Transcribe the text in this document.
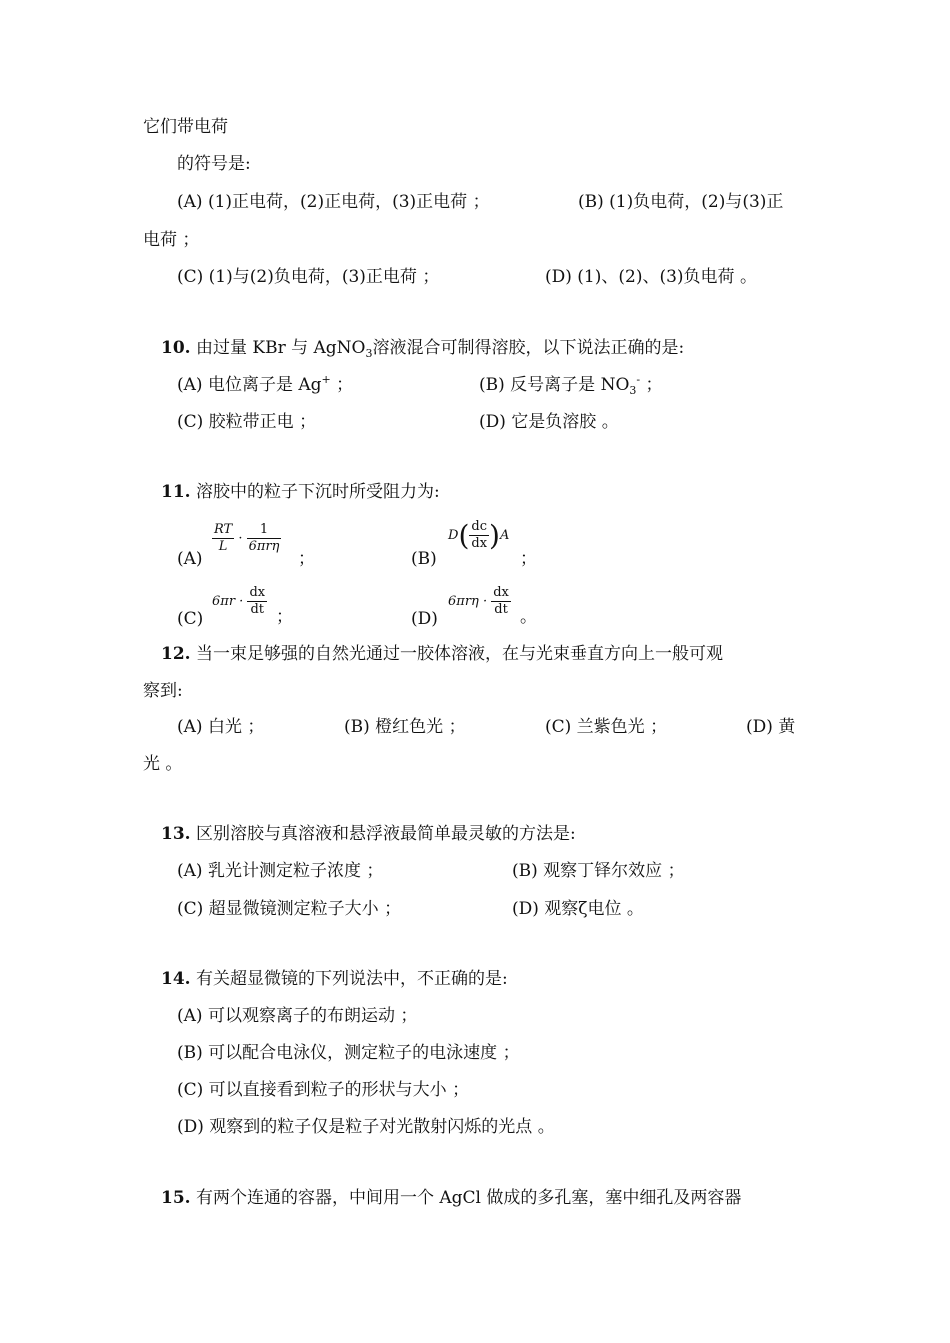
它们带电荷
的符号是:
(A) (1)正电荷，(2)正电荷，(3)正电荷 ；	(B) (1)负电荷，(2)与(3)正
电荷 ；
(C) (1)与(2)负电荷，(3)正电荷 ；	(D) (1)、(2)、(3)负电荷 。
10. 由过量 KBr 与 AgNO$_3$溶液混合可制得溶胶，以下说法正确的是:
(A) 电位离子是 Ag+ ；	(B) 反号离子是 $NO_3^-$ ；
(C) 胶粒带正电 ；	(D) 它是负溶胶 。
11. 溶胶中的粒子下沉时所受阻力为:
(A)
$\frac{RT}{L} \cdot \frac{1}{\text{6πrη}}$
；	(B)
$D( \frac{dc}{dx} )A$
；
(C)
$6\pi r \cdot \frac{dx}{dt}$ ；	(D)
$6\pi r\eta \cdot \frac{dx}{dt}$ 。
12. 当一束足够强的自然光通过一胶体溶液，在与光束垂直方向上一般可观
察到:
(A) 白光 ；	(B) 橙红色光 ；	(C) 兰紫色光 ；	(D) 黄
光 。
13. 区别溶胶与真溶液和悬浮液最简单最灵敏的方法是:
(A) 乳光计测定粒子浓度 ；	(B) 观察丁铎尔效应 ；
(C) 超显微镜测定粒子大小 ；	(D) 观察ζ电位 。
14. 有关超显微镜的下列说法中，不正确的是:
(A) 可以观察离子的布朗运动 ；
(B) 可以配合电泳仪，测定粒子的电泳速度 ；
(C) 可以直接看到粒子的形状与大小 ；
(D) 观察到的粒子仅是粒子对光散射闪烁的光点 。
15. 有两个连通的容器，中间用一个 AgCl 做成的多孔塞，塞中细孔及两容器
